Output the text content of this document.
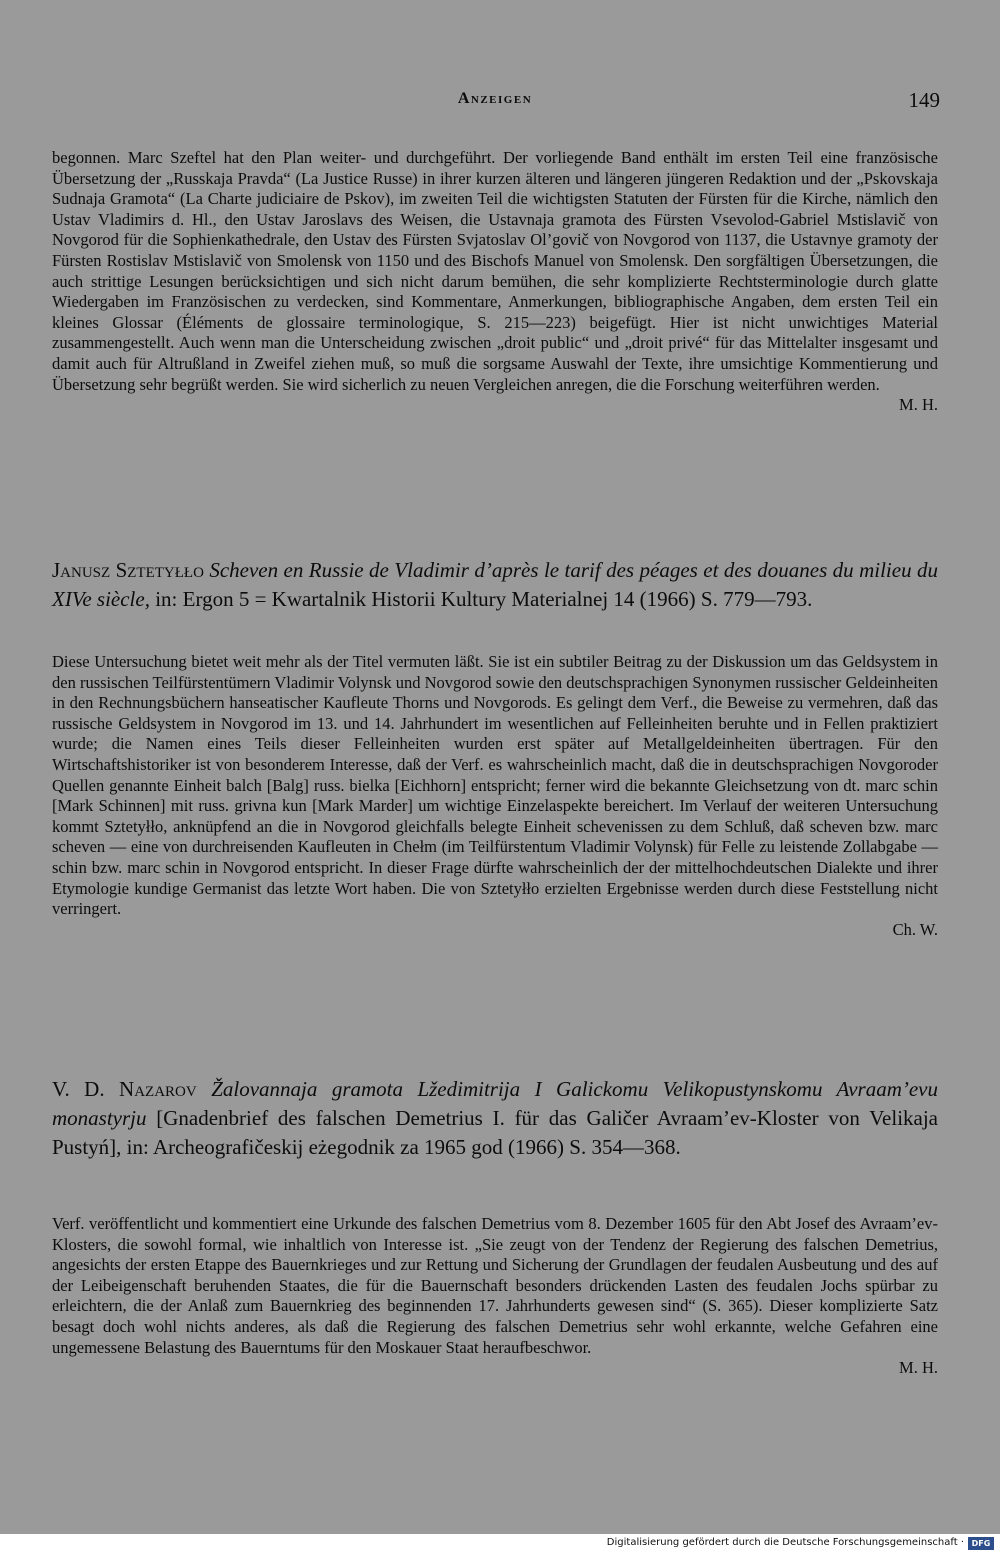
Anzeigen	149

begonnen. Marc Szeftel hat den Plan weiter- und durchgeführt. Der vorliegende Band enthält im ersten Teil eine französische Übersetzung der „Russkaja Pravda“ (La Justice Russe) in ihrer kurzen älteren und längeren jüngeren Redaktion und der „Pskovskaja Sudnaja Gramota“ (La Charte judiciaire de Pskov), im zweiten Teil die wichtigsten Statuten der Fürsten für die Kirche, nämlich den Ustav Vladimirs d. Hl., den Ustav Jaroslavs des Weisen, die Ustavnaja gramota des Fürsten Vsevolod-Gabriel Mstislavič von Novgorod für die Sophienkathedrale, den Ustav des Fürsten Svjatoslav Ol’govič von Novgorod von 1137, die Ustavnye gramoty der Fürsten Rostislav Mstislavič von Smolensk von 1150 und des Bischofs Manuel von Smolensk. Den sorgfältigen Übersetzungen, die auch strittige Lesungen berücksichtigen und sich nicht darum bemühen, die sehr komplizierte Rechtsterminologie durch glatte Wiedergaben im Französischen zu verdecken, sind Kommentare, Anmerkungen, bibliographische Angaben, dem ersten Teil ein kleines Glossar (Éléments de glossaire terminologique, S. 215—223) beigefügt. Hier ist nicht unwichtiges Material zusammengestellt. Auch wenn man die Unterscheidung zwischen „droit public“ und „droit privé“ für das Mittelalter insgesamt und damit auch für Altrußland in Zweifel ziehen muß, so muß die sorgsame Auswahl der Texte, ihre umsichtige Kommentierung und Übersetzung sehr begrüßt werden. Sie wird sicherlich zu neuen Vergleichen anregen, die die Forschung weiterführen werden.

M. H.

Janusz Sztetyłło Scheven en Russie de Vladimir d’après le tarif des péages et des douanes du milieu du XIVe siècle, in: Ergon 5 = Kwartalnik Historii Kultury Materialnej 14 (1966) S. 779—793.

Diese Untersuchung bietet weit mehr als der Titel vermuten läßt. Sie ist ein subtiler Beitrag zu der Diskussion um das Geldsystem in den russischen Teilfürstentümern Vladimir Volynsk und Novgorod sowie den deutschsprachigen Synonymen russischer Geldeinheiten in den Rechnungsbüchern hanseatischer Kaufleute Thorns und Novgorods. Es gelingt dem Verf., die Beweise zu vermehren, daß das russische Geldsystem in Novgorod im 13. und 14. Jahrhundert im wesentlichen auf Felleinheiten beruhte und in Fellen praktiziert wurde; die Namen eines Teils dieser Felleinheiten wurden erst später auf Metallgeldeinheiten übertragen. Für den Wirtschaftshistoriker ist von besonderem Interesse, daß der Verf. es wahrscheinlich macht, daß die in deutschsprachigen Novgoroder Quellen genannte Einheit balch [Balg] russ. bielka [Eichhorn] entspricht; ferner wird die bekannte Gleichsetzung von dt. marc schin [Mark Schinnen] mit russ. grivna kun [Mark Marder] um wichtige Einzelaspekte bereichert. Im Verlauf der weiteren Untersuchung kommt Sztetyłło, anknüpfend an die in Novgorod gleichfalls belegte Einheit schevenissen zu dem Schluß, daß scheven bzw. marc scheven — eine von durchreisenden Kaufleuten in Chełm (im Teilfürstentum Vladimir Volynsk) für Felle zu leistende Zollabgabe — schin bzw. marc schin in Novgorod entspricht. In dieser Frage dürfte wahrscheinlich der der mittelhochdeutschen Dialekte und ihrer Etymologie kundige Germanist das letzte Wort haben. Die von Sztetyłło erzielten Ergebnisse werden durch diese Feststellung nicht verringert.

Ch. W.

V. D. Nazarov Žalovannaja gramota Lžedimitrija I Galickomu Velikopustynskomu Avraam’evu monastyrju [Gnadenbrief des falschen Demetrius I. für das Galičer Avraam’ev-Kloster von Velikaja Pustyń], in: Archeografičeskij eżegodnik za 1965 god (1966) S. 354—368.

Verf. veröffentlicht und kommentiert eine Urkunde des falschen Demetrius vom 8. Dezember 1605 für den Abt Josef des Avraam’ev-Klosters, die sowohl formal, wie inhaltlich von Interesse ist. „Sie zeugt von der Tendenz der Regierung des falschen Demetrius, angesichts der ersten Etappe des Bauernkrieges und zur Rettung und Sicherung der Grundlagen der feudalen Ausbeutung und des auf der Leibeigenschaft beruhenden Staates, die für die Bauernschaft besonders drückenden Lasten des feudalen Jochs spürbar zu erleichtern, die der Anlaß zum Bauernkrieg des beginnenden 17. Jahrhunderts gewesen sind“ (S. 365). Dieser komplizierte Satz besagt doch wohl nichts anderes, als daß die Regierung des falschen Demetrius sehr wohl erkannte, welche Gefahren eine ungemessene Belastung des Bauerntums für den Moskauer Staat heraufbeschwor.

M. H.

Digitalisierung gefördert durch die Deutsche Forschungsgemeinschaft · DFG
